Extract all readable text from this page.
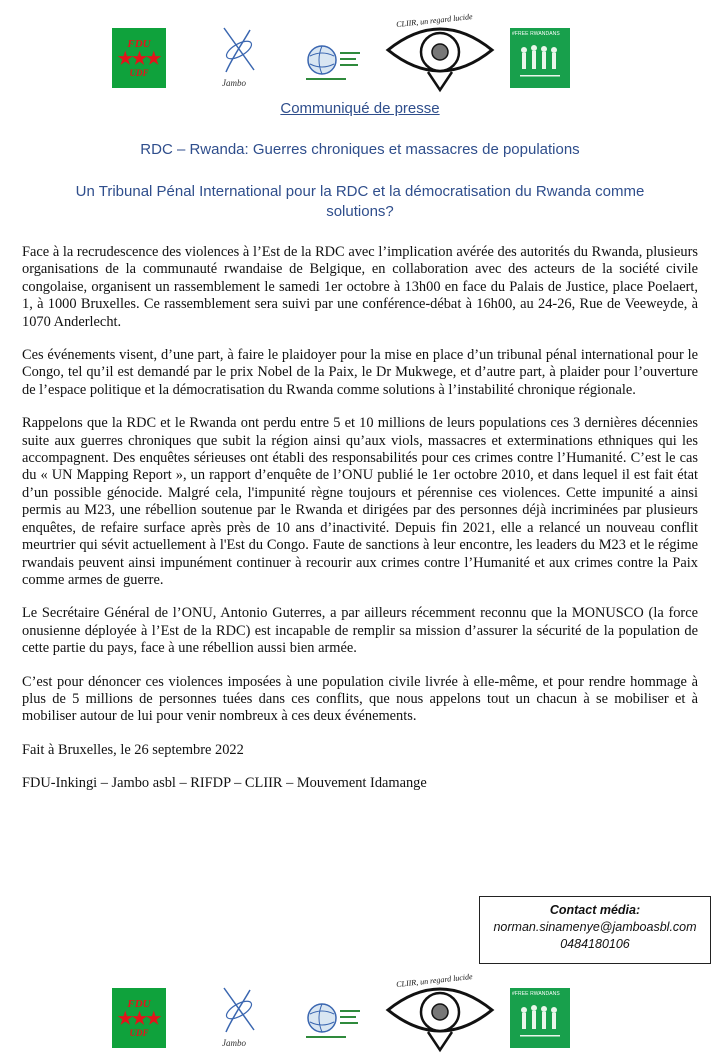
FDU
★★★
UDF
Jambo
CLIIR, un regard lucide
#FREE RWANDANS
Communiqué de presse
RDC – Rwanda: Guerres chroniques et massacres de populations
Un Tribunal Pénal International pour la RDC et la démocratisation du Rwanda comme solutions?

Face à la recrudescence des violences à l’Est de la RDC avec l’implication avérée des autorités du Rwanda, plusieurs organisations de la communauté rwandaise de Belgique, en collaboration avec des acteurs de la société civile congolaise, organisent un rassemblement le samedi 1er octobre à 13h00 en face du Palais de Justice, place Poelaert, 1, à 1000 Bruxelles. Ce rassemblement sera suivi par une conférence-débat à 16h00, au 24-26, Rue de Veeweyde, à 1070 Anderlecht.

Ces événements visent, d’une part, à faire le plaidoyer pour la mise en place d’un tribunal pénal international pour le Congo, tel qu’il est demandé par le prix Nobel de la Paix, le Dr Mukwege, et d’autre part, à plaider pour l’ouverture de l’espace politique et la démocratisation du Rwanda comme solutions à l’instabilité chronique régionale.

Rappelons que la RDC et le Rwanda ont perdu entre 5 et 10 millions de leurs populations ces 3 dernières décennies suite aux guerres chroniques que subit la région ainsi qu’aux viols, massacres et exterminations ethniques qui les accompagnent. Des enquêtes sérieuses ont établi des responsabilités pour ces crimes contre l’Humanité. C’est le cas du « UN Mapping Report », un rapport d’enquête de l’ONU publié le 1er octobre 2010, et dans lequel il est fait état d’un possible génocide. Malgré cela, l'impunité règne toujours et pérennise ces violences. Cette impunité a ainsi permis au M23, une rébellion soutenue par le Rwanda et dirigées par des personnes déjà incriminées par plusieurs enquêtes, de refaire surface après près de 10 ans d’inactivité. Depuis fin 2021, elle a relancé un nouveau conflit meurtrier qui sévit actuellement à l'Est du Congo. Faute de sanctions à leur encontre, les leaders du M23 et le régime rwandais peuvent ainsi impunément continuer à recourir aux crimes contre l’Humanité et aux crimes contre la Paix comme armes de guerre.

Le Secrétaire Général de l’ONU, Antonio Guterres, a par ailleurs récemment reconnu que la MONUSCO (la force onusienne déployée à l’Est de la RDC) est incapable de remplir sa mission d’assurer la sécurité de la population de cette partie du pays, face à une rébellion aussi bien armée.

C’est pour dénoncer ces violences imposées à une population civile livrée à elle-même, et pour rendre hommage à plus de 5 millions de personnes tuées dans ces conflits, que nous appelons tout un chacun à se mobiliser et à mobiliser autour de lui pour venir nombreux à ces deux événements.

Fait à Bruxelles, le 26 septembre 2022

FDU-Inkingi – Jambo asbl – RIFDP – CLIIR – Mouvement Idamange

Contact média:
norman.sinamenye@jamboasbl.com
0484180106
FDU
★★★
UDF
Jambo
CLIIR, un regard lucide
#FREE RWANDANS
